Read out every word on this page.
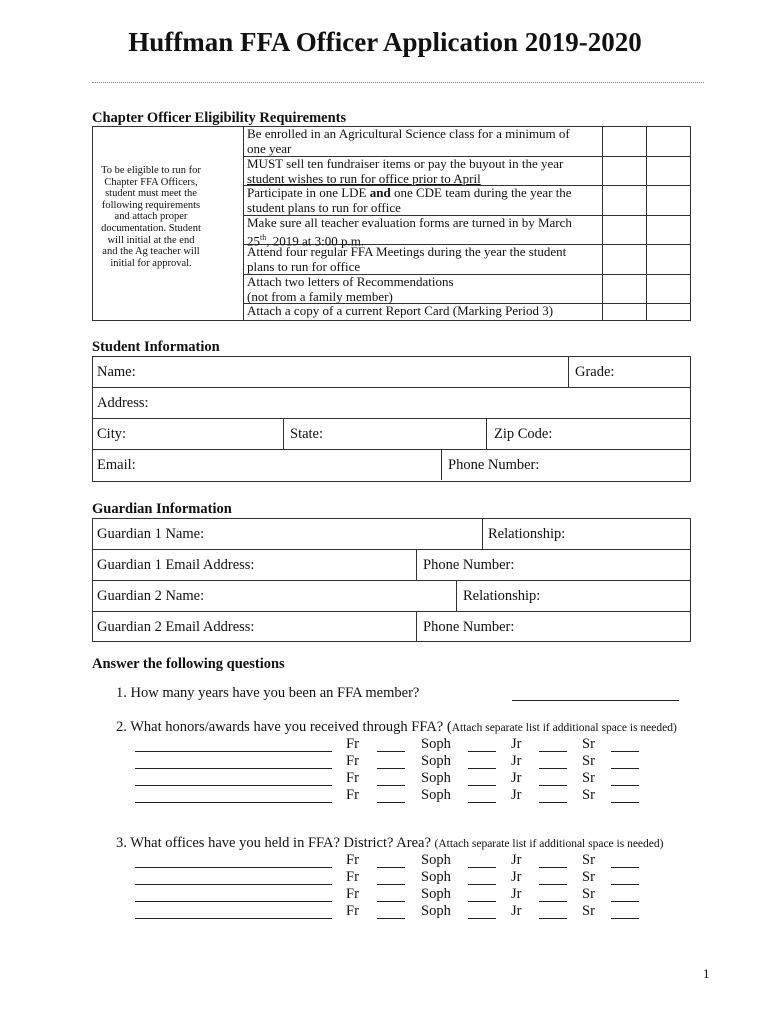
Huffman FFA Officer Application 2019-2020
Chapter Officer Eligibility Requirements
To be eligible to run for Chapter FFA Officers, student must meet the following requirements and attach proper documentation. Student will initial at the end and the Ag teacher will initial for approval.
Be enrolled in an Agricultural Science class for a minimum of
one year
MUST sell ten fundraiser items or pay the buyout in the year
student wishes to run for office prior to April
Participate in one LDE and one CDE team during the year the
student plans to run for office
Make sure all teacher evaluation forms are turned in by March
25th, 2019 at 3:00 p.m.
Attend four regular FFA Meetings during the year the student
plans to run for office
Attach two letters of Recommendations
(not from a family member)
Attach a copy of a current Report Card (Marking Period 3)
Student Information
Name:	Grade:
Address:
City:	State:	Zip Code:
Email:	Phone Number:
Guardian Information
Guardian 1 Name:	Relationship:
Guardian 1 Email Address:	Phone Number:
Guardian 2 Name:	Relationship:
Guardian 2 Email Address:	Phone Number:
Answer the following questions
1. How many years have you been an FFA member?
2. What honors/awards have you received through FFA? (Attach separate list if additional space is needed)
Fr	Soph	Jr	Sr
Fr	Soph	Jr	Sr
Fr	Soph	Jr	Sr
Fr	Soph	Jr	Sr
3. What offices have you held in FFA? District? Area? (Attach separate list if additional space is needed)
Fr	Soph	Jr	Sr
Fr	Soph	Jr	Sr
Fr	Soph	Jr	Sr
Fr	Soph	Jr	Sr
1
